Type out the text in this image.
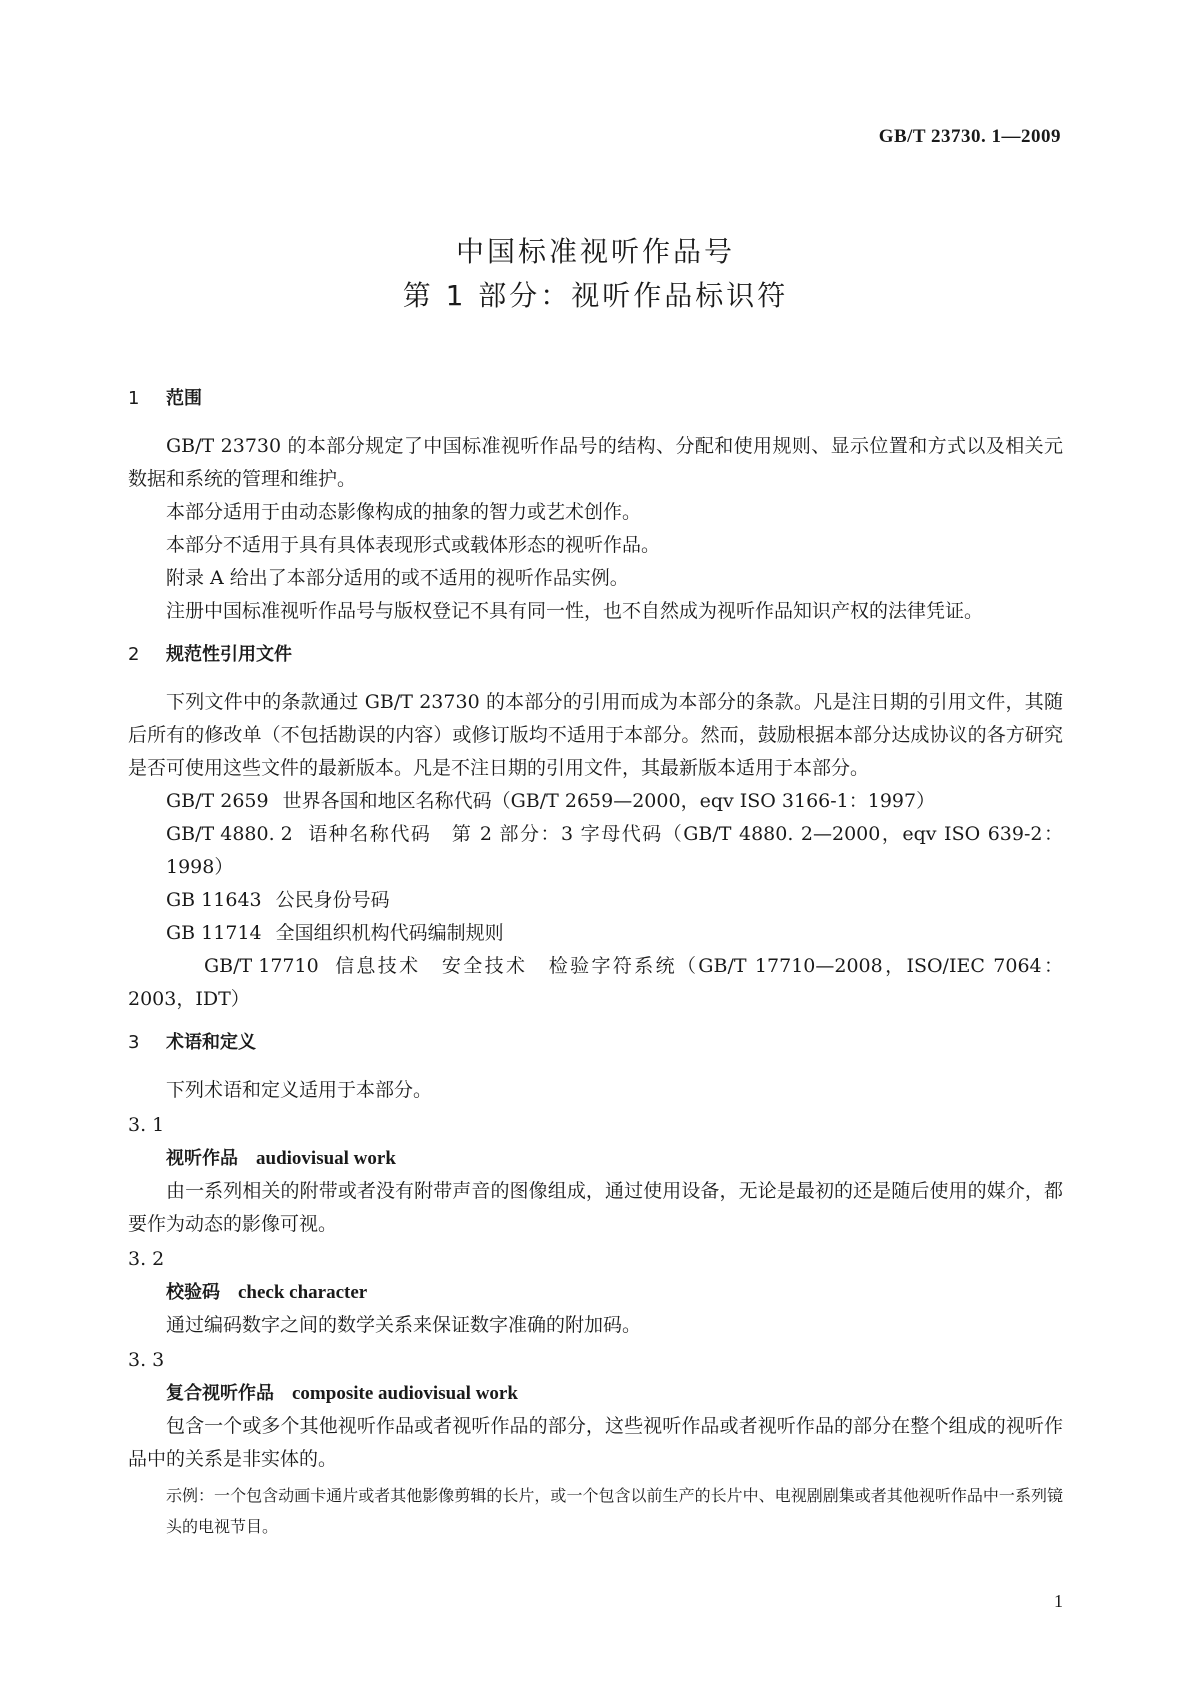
GB/T 23730. 1—2009
中国标准视听作品号
第 1 部分：视听作品标识符
1 范围
GB/T 23730 的本部分规定了中国标准视听作品号的结构、分配和使用规则、显示位置和方式以及相关元数据和系统的管理和维护。
本部分适用于由动态影像构成的抽象的智力或艺术创作。
本部分不适用于具有具体表现形式或载体形态的视听作品。
附录 A 给出了本部分适用的或不适用的视听作品实例。
注册中国标准视听作品号与版权登记不具有同一性，也不自然成为视听作品知识产权的法律凭证。
2 规范性引用文件
下列文件中的条款通过 GB/T 23730 的本部分的引用而成为本部分的条款。凡是注日期的引用文件，其随后所有的修改单（不包括勘误的内容）或修订版均不适用于本部分。然而，鼓励根据本部分达成协议的各方研究是否可使用这些文件的最新版本。凡是不注日期的引用文件，其最新版本适用于本部分。
GB/T 2659 世界各国和地区名称代码（GB/T 2659—2000，eqv ISO 3166-1：1997）
GB/T 4880. 2 语种名称代码　第 2 部分：3 字母代码（GB/T 4880. 2—2000，eqv ISO 639-2：1998）
GB 11643 公民身份号码
GB 11714 全国组织机构代码编制规则
GB/T 17710 信息技术　安全技术　检验字符系统（GB/T 17710—2008，ISO/IEC 7064：2003，IDT）
3 术语和定义
下列术语和定义适用于本部分。
3. 1
视听作品 audiovisual work
由一系列相关的附带或者没有附带声音的图像组成，通过使用设备，无论是最初的还是随后使用的媒介，都要作为动态的影像可视。
3. 2
校验码 check character
通过编码数字之间的数学关系来保证数字准确的附加码。
3. 3
复合视听作品 composite audiovisual work
包含一个或多个其他视听作品或者视听作品的部分，这些视听作品或者视听作品的部分在整个组成的视听作品中的关系是非实体的。
示例：一个包含动画卡通片或者其他影像剪辑的长片，或一个包含以前生产的长片中、电视剧剧集或者其他视听作品中一系列镜头的电视节目。
1
